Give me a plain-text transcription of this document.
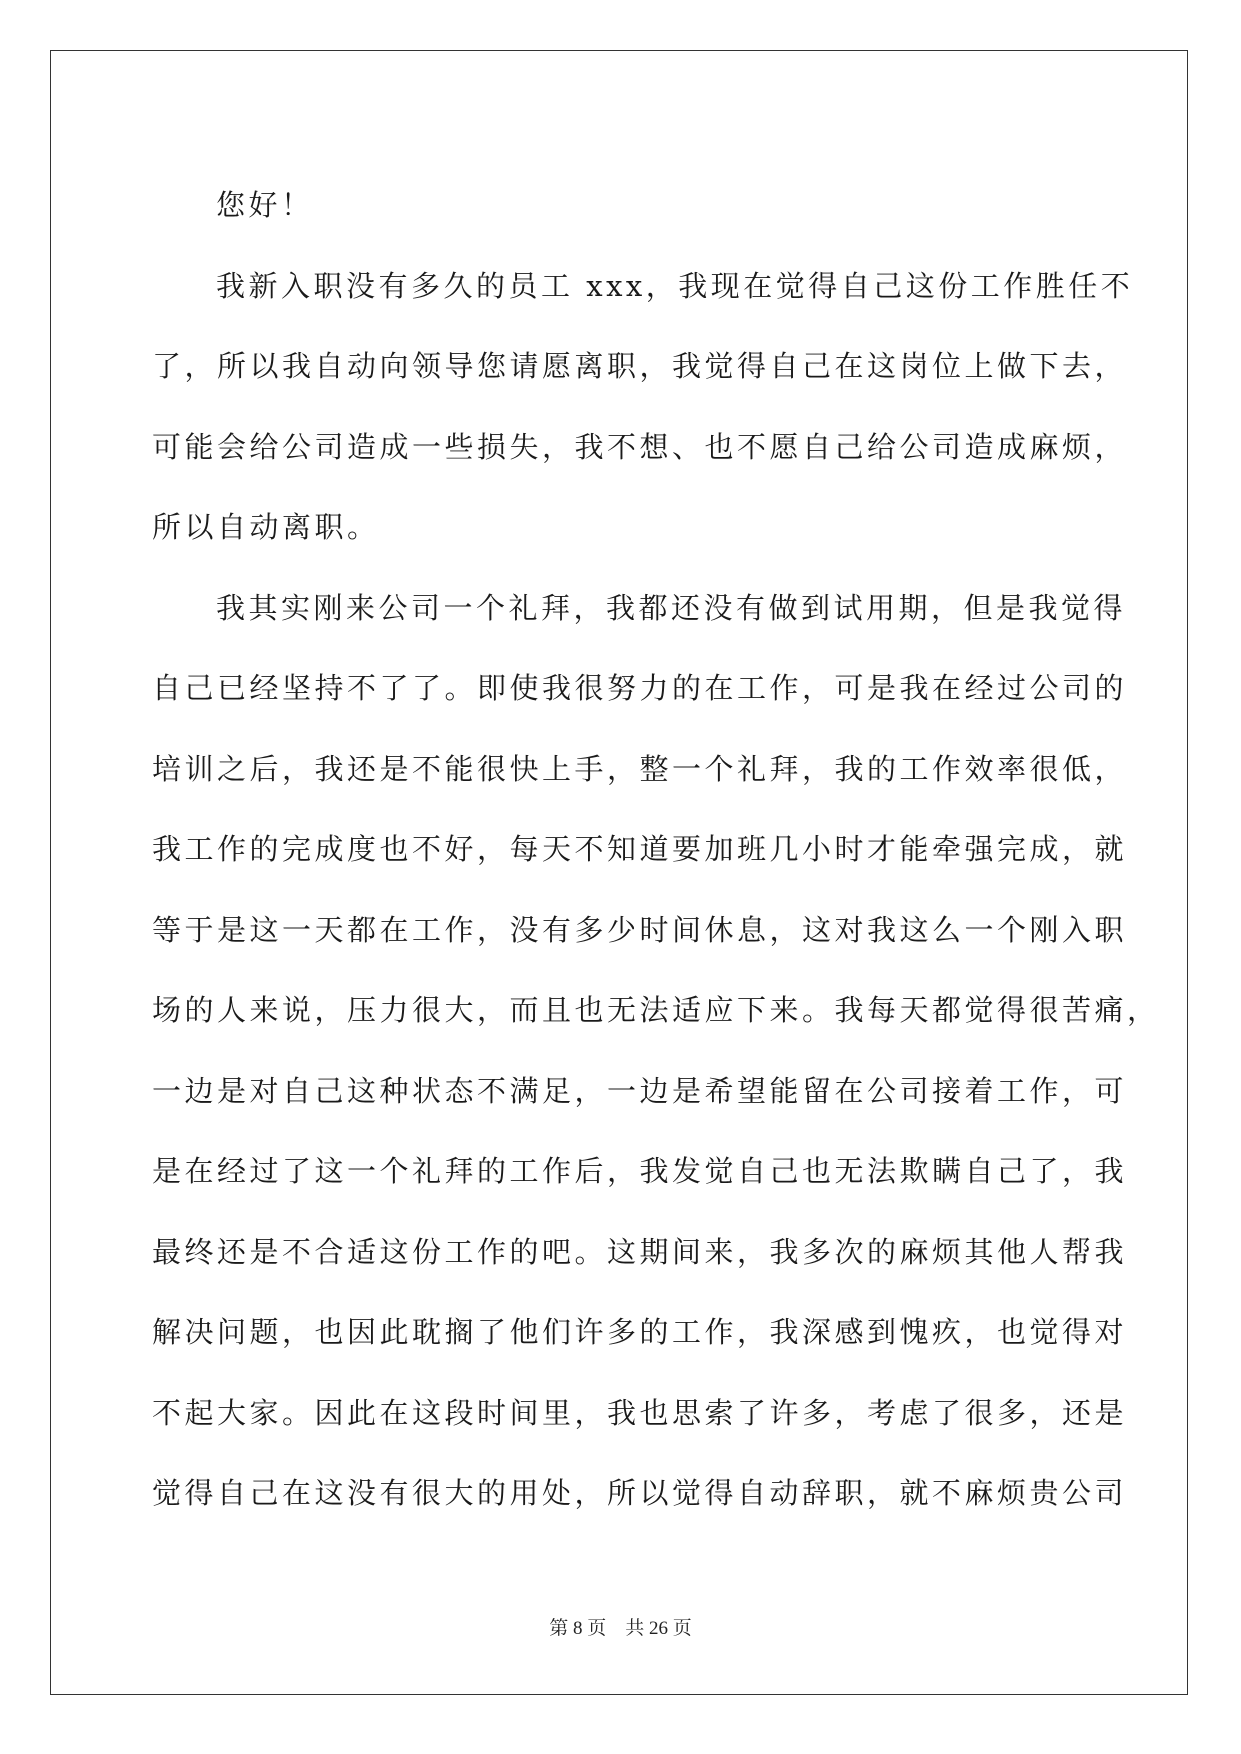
您好！
我新入职没有多久的员工 xxx，我现在觉得自己这份工作胜任不
了，所以我自动向领导您请愿离职，我觉得自己在这岗位上做下去，
可能会给公司造成一些损失，我不想、也不愿自己给公司造成麻烦，
所以自动离职。
我其实刚来公司一个礼拜，我都还没有做到试用期，但是我觉得
自己已经坚持不了了。即使我很努力的在工作，可是我在经过公司的
培训之后，我还是不能很快上手，整一个礼拜，我的工作效率很低，
我工作的完成度也不好，每天不知道要加班几小时才能牵强完成，就
等于是这一天都在工作，没有多少时间休息，这对我这么一个刚入职
场的人来说，压力很大，而且也无法适应下来。我每天都觉得很苦痛，
一边是对自己这种状态不满足，一边是希望能留在公司接着工作，可
是在经过了这一个礼拜的工作后，我发觉自己也无法欺瞒自己了，我
最终还是不合适这份工作的吧。这期间来，我多次的麻烦其他人帮我
解决问题，也因此耽搁了他们许多的工作，我深感到愧疚，也觉得对
不起大家。因此在这段时间里，我也思索了许多，考虑了很多，还是
觉得自己在这没有很大的用处，所以觉得自动辞职，就不麻烦贵公司
第 8 页　共 26 页
